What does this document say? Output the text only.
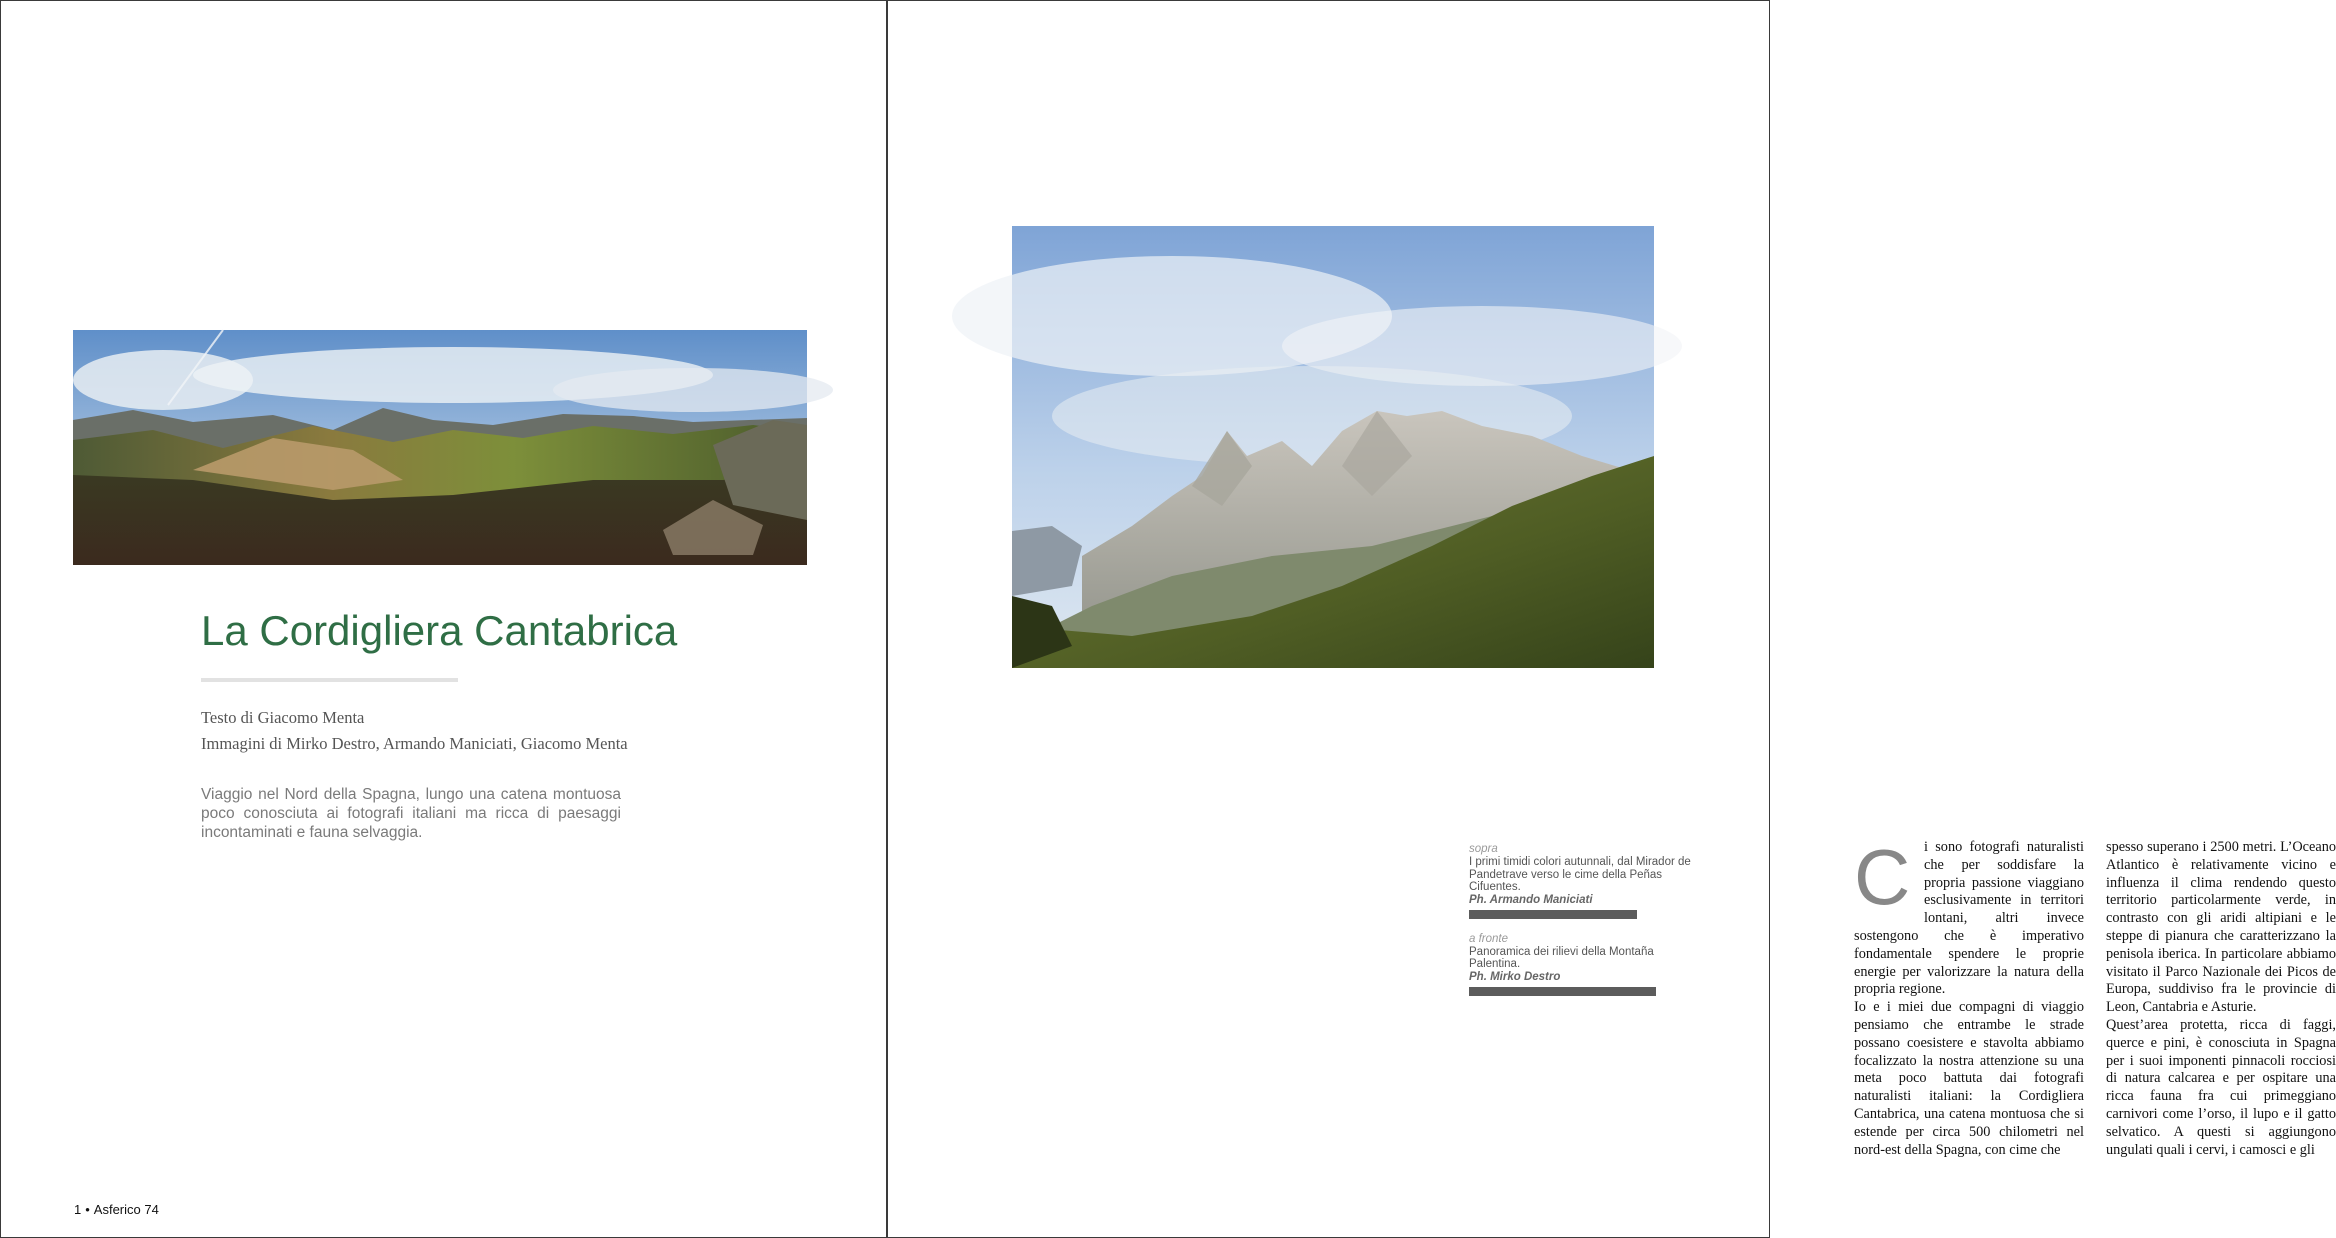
La Cordigliera Cantabrica
Testo di Giacomo Menta
Immagini di Mirko Destro, Armando Maniciati, Giacomo Menta

Viaggio nel Nord della Spagna, lungo una catena montuosa poco conosciuta ai fotografi italiani ma ricca di paesaggi incontaminati e fauna selvaggia.

1 • Asferico 74
C i sono fotografi naturalisti che per soddisfare la propria passione viaggiano esclusivamente in territori lontani, altri invece sostengono che è imperativo fondamentale spendere le proprie energie per valorizzare la natura della propria regione.

Io e i miei due compagni di viaggio pensiamo che entrambe le strade possano coesistere e stavolta abbiamo focalizzato la nostra attenzione su una meta poco battuta dai fotografi naturalisti italiani: la Cordigliera Cantabrica, una catena montuosa che si estende per circa 500 chilometri nel nord-est della Spagna, con cime che

spesso superano i 2500 metri. L’Oceano Atlantico è relativamente vicino e influenza il clima rendendo questo territorio particolarmente verde, in contrasto con gli aridi altipiani e le steppe di pianura che caratterizzano la penisola iberica. In particolare abbiamo visitato il Parco Nazionale dei Picos de Europa, suddiviso fra le provincie di Leon, Cantabria e Asturie.

Quest’area protetta, ricca di faggi, querce e pini, è conosciuta in Spagna per i suoi imponenti pinnacoli rocciosi di natura calcarea e per ospitare una ricca fauna fra cui primeggiano carnivori come l’orso, il lupo e il gatto selvatico. A questi si aggiungono ungulati quali i cervi, i camosci e gli

sopra
I primi timidi colori autunnali, dal Mirador de Pandetrave verso le cime della Peñas Cifuentes.
Ph. Armando Maniciati
a fronte
Panoramica dei rilievi della Montaña Palentina.
Ph. Mirko Destro
